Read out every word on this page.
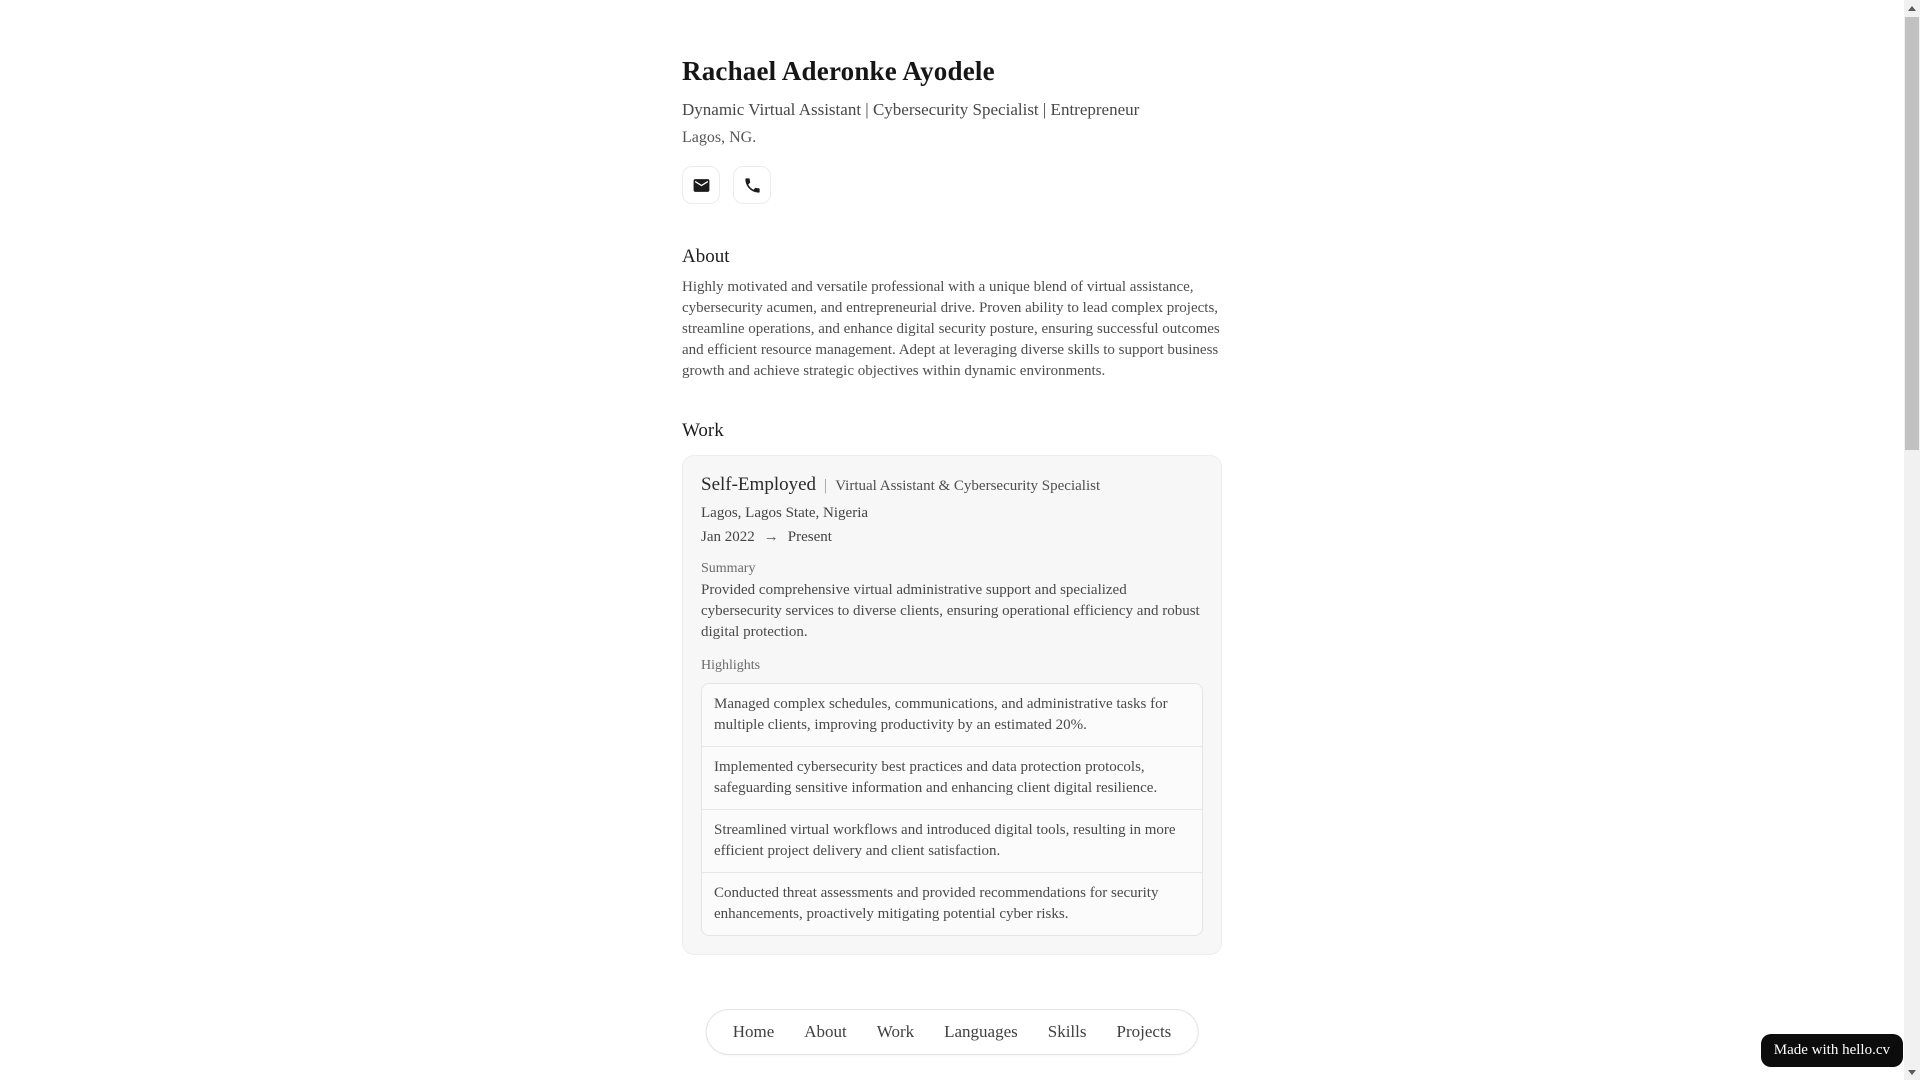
Rachael Aderonke Ayodele

Dynamic Virtual Assistant | Cybersecurity Specialist | Entrepreneur

Lagos, NG.

About

Highly motivated and versatile professional with a unique blend of virtual assistance, cybersecurity acumen, and entrepreneurial drive. Proven ability to lead complex projects, streamline operations, and enhance digital security posture, ensuring successful outcomes and efficient resource management. Adept at leveraging diverse skills to support business growth and achieve strategic objectives within dynamic environments.

Work
Self-Employed | Virtual Assistant & Cybersecurity Specialist
Lagos, Lagos State, Nigeria
Jan 2022 → Present
Summary

Provided comprehensive virtual administrative support and specialized cybersecurity services to diverse clients, ensuring operational efficiency and robust digital protection.

Highlights
Managed complex schedules, communications, and administrative tasks for multiple clients, improving productivity by an estimated 20%.
Implemented cybersecurity best practices and data protection protocols, safeguarding sensitive information and enhancing client digital resilience.
Streamlined virtual workflows and introduced digital tools, resulting in more efficient project delivery and client satisfaction.
Conducted threat assessments and provided recommendations for security enhancements, proactively mitigating potential cyber risks.
Home About Work Languages Skills Projects
Made with hello.cv
